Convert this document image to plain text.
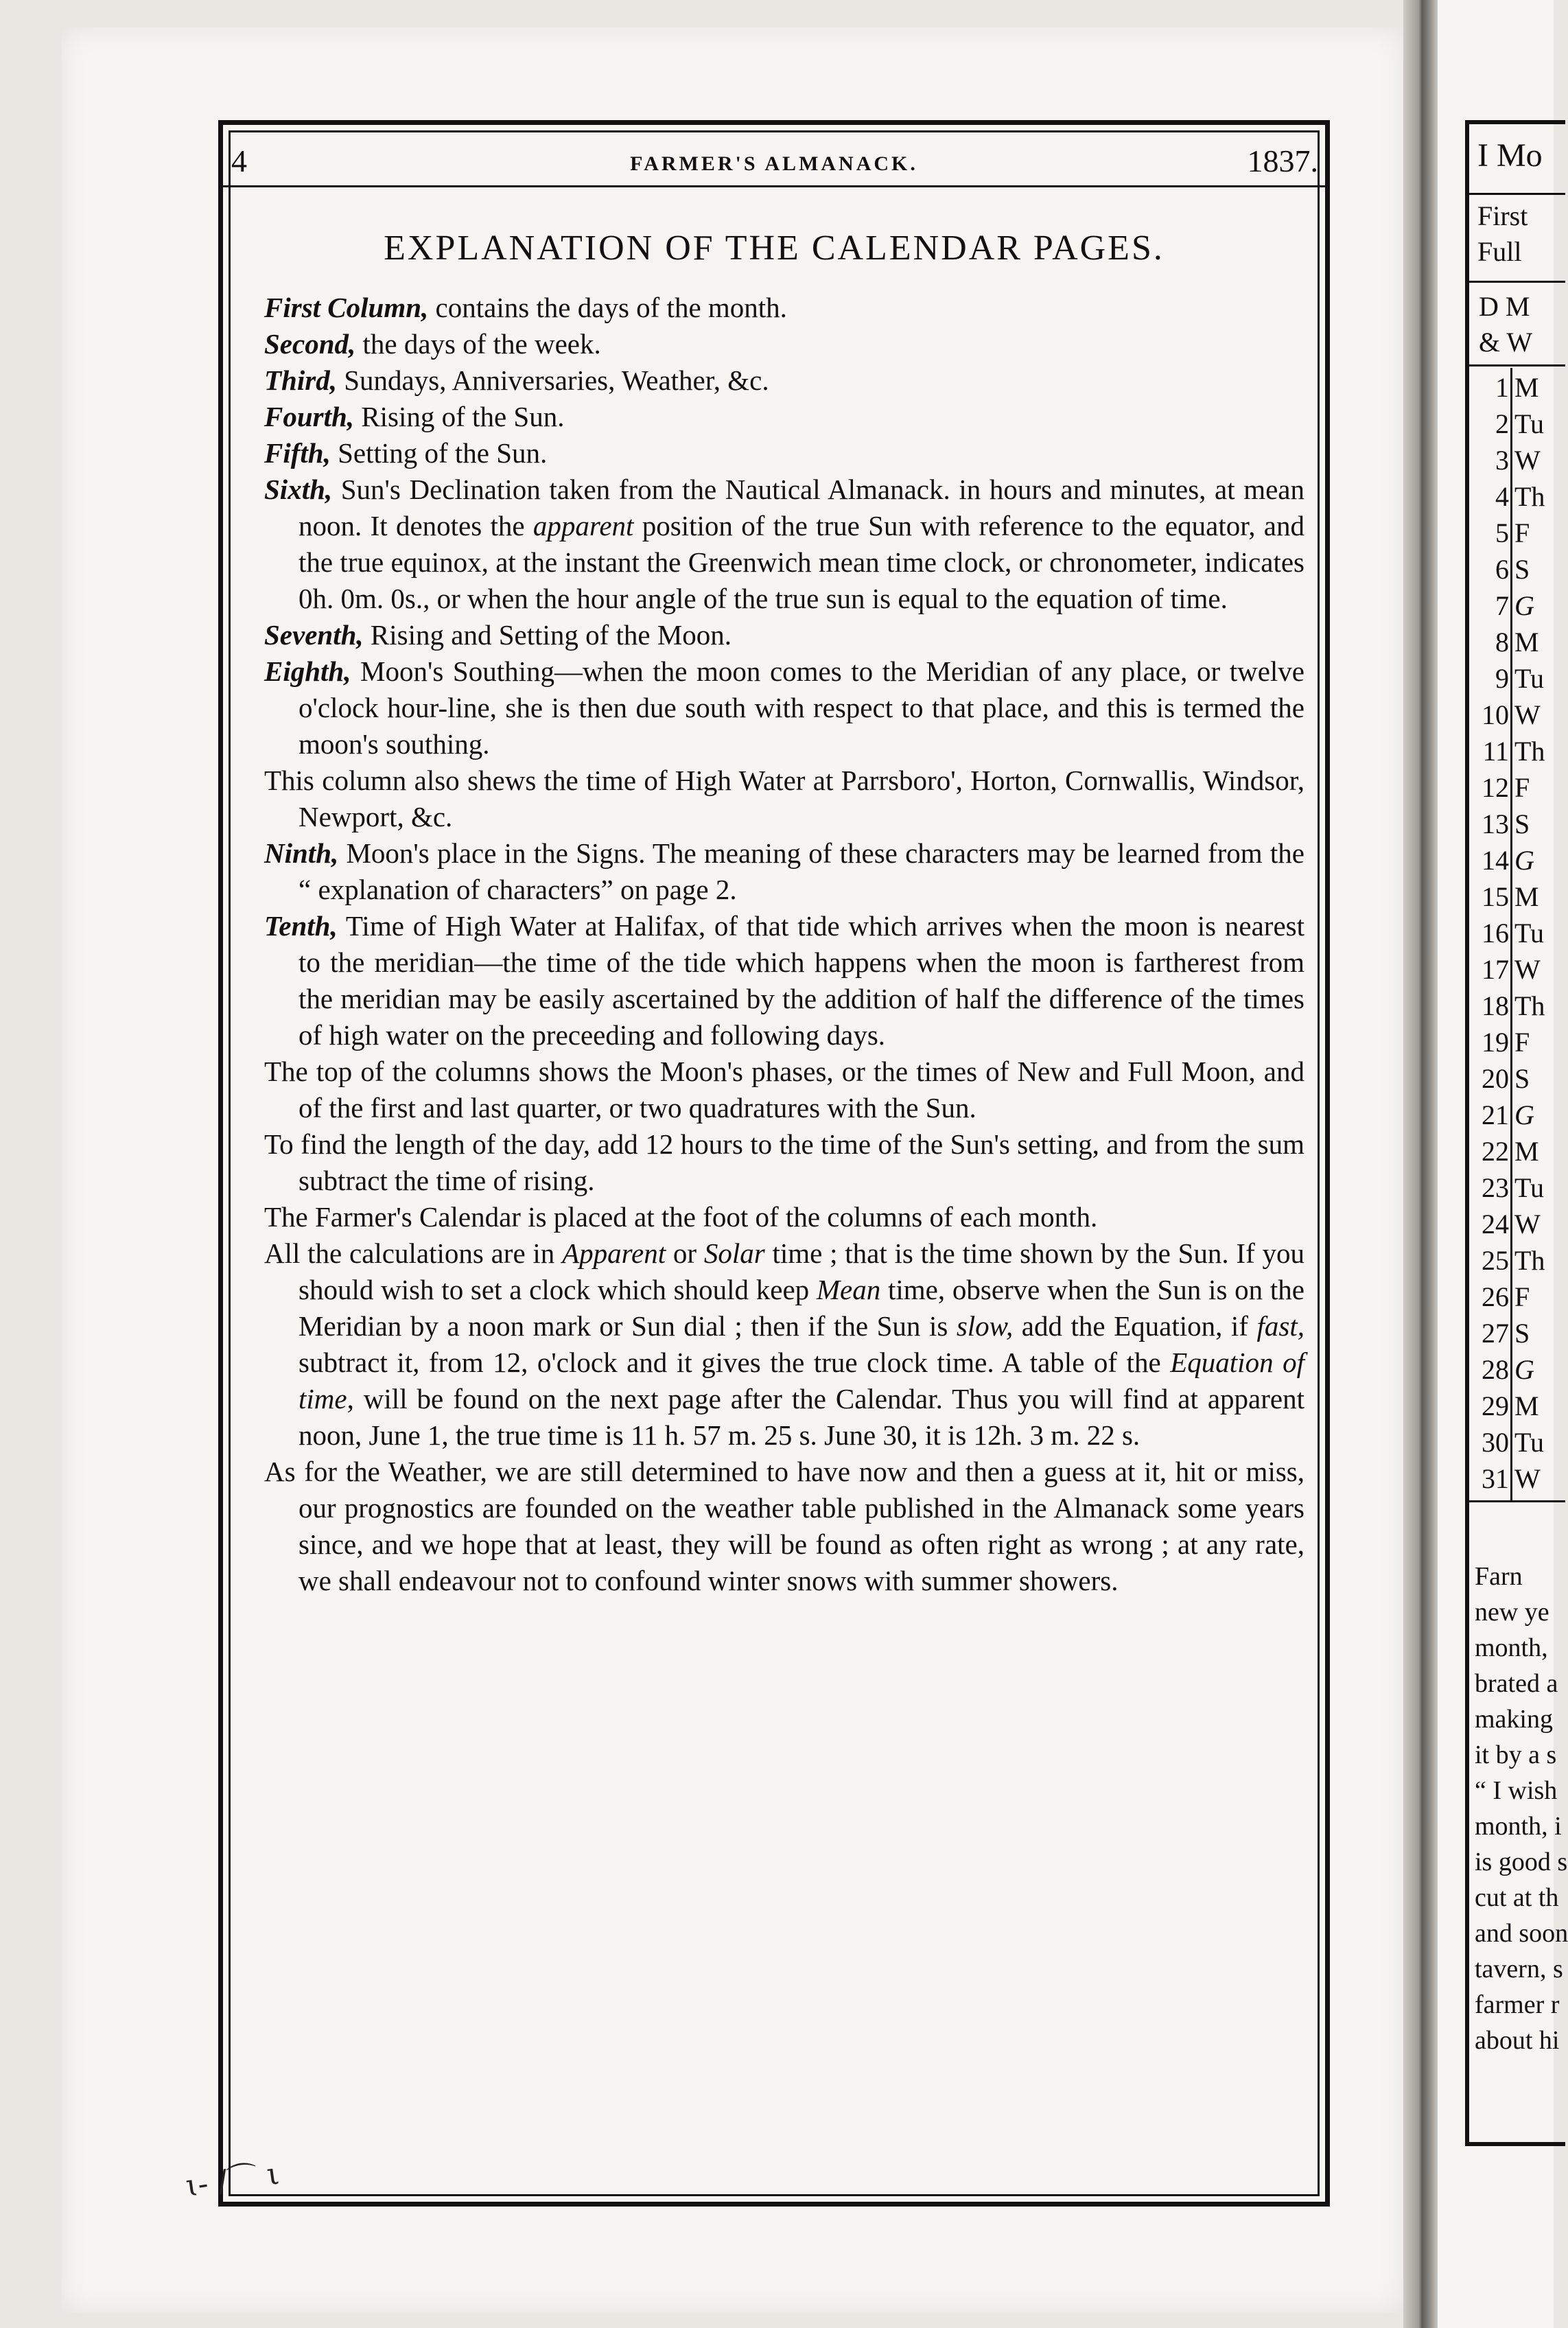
4	FARMER'S ALMANACK.	1837.
EXPLANATION OF THE CALENDAR PAGES.

First Column, contains the days of the month.

Second, the days of the week.

Third, Sundays, Anniversaries, Weather, &c.

Fourth, Rising of the Sun.

Fifth, Setting of the Sun.

Sixth, Sun's Declination taken from the Nautical Almanack. in hours and minutes, at mean noon. It denotes the apparent position of the true Sun with reference to the equator, and the true equinox, at the instant the Greenwich mean time clock, or chronometer, indicates 0h. 0m. 0s., or when the hour angle of the true sun is equal to the equation of time.

Seventh, Rising and Setting of the Moon.

Eighth, Moon's Southing—when the moon comes to the Meridian of any place, or twelve o'clock hour-line, she is then due south with respect to that place, and this is termed the moon's southing.

This column also shews the time of High Water at Parrsboro', Horton, Cornwallis, Windsor, Newport, &c.

Ninth, Moon's place in the Signs. The meaning of these characters may be learned from the “ explanation of characters” on page 2.

Tenth, Time of High Water at Halifax, of that tide which arrives when the moon is nearest to the meridian—the time of the tide which happens when the moon is fartherest from the meridian may be easily ascertained by the addition of half the difference of the times of high water on the preceeding and following days.

The top of the columns shows the Moon's phases, or the times of New and Full Moon, and of the first and last quarter, or two quadratures with the Sun.

To find the length of the day, add 12 hours to the time of the Sun's setting, and from the sum subtract the time of rising.

The Farmer's Calendar is placed at the foot of the columns of each month.

All the calculations are in Apparent or Solar time ; that is the time shown by the Sun. If you should wish to set a clock which should keep Mean time, observe when the Sun is on the Meridian by a noon mark or Sun dial ; then if the Sun is slow, add the Equation, if fast, subtract it, from 12, o'clock and it gives the true clock time. A table of the Equation of time, will be found on the next page after the Calendar. Thus you will find at apparent noon, June 1, the true time is 11 h. 57 m. 25 s. June 30, it is 12h. 3 m. 22 s.

As for the Weather, we are still determined to have now and then a guess at it, hit or miss, our prognostics are founded on the weather table published in the Almanack some years since, and we hope that at least, they will be found as often right as wrong ; at any rate, we shall endeavour not to confound winter snows with summer showers.

I Mo
First
Full
D M
& W
1 M
2 Tu
3 W
4 Th
5 F
6 S
7 G
8 M
9 Tu
10 W
11 Th
12 F
13 S
14 G
15 M
16 Tu
17 W
18 Th
19 F
20 S
21 G
22 M
23 Tu
24 W
25 Th
26 F
27 S
28 G
29 M
30 Tu
31 W
Farn
new ye
month,
brated a
making
it by a s
“ I wish
month, i
is good s
cut at th
and soon
tavern, s
farmer r
about hi
ɩ- ∕⌒ ι
